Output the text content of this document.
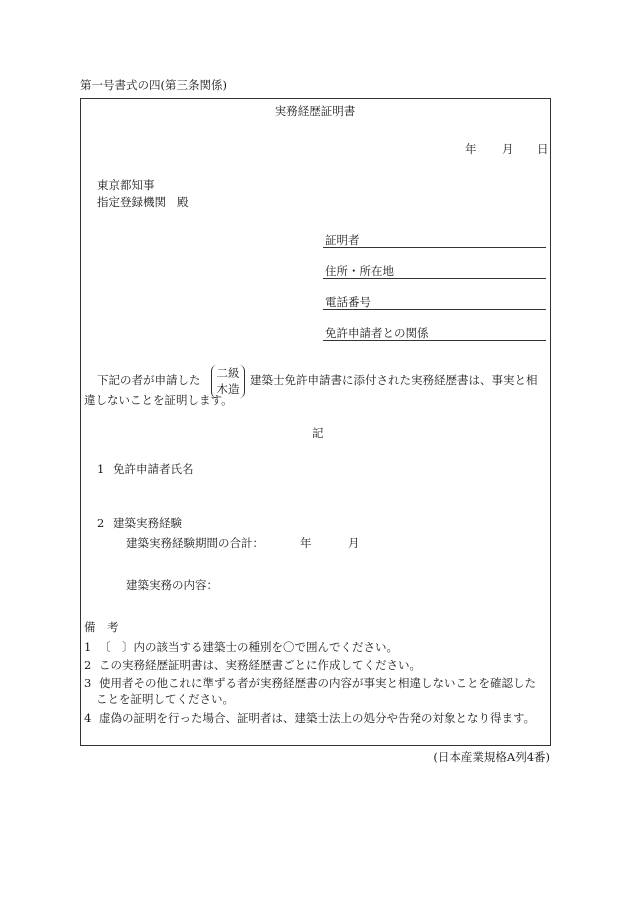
第一号書式の四(第三条関係)
実務経歴証明書
年 月 日
東京都知事
指定登録機関 殿
証明者
住所・所在地
電話番号
免許申請者との関係
下記の者が申請した	二級
木造
建築士免許申請書に添付された実務経歴書は、事実と相
違しないことを証明します。
記
1 免許申請者氏名
2 建築実務経験
建築実務経験期間の合計：	年	月
建築実務の内容：
備　考
1 〔　〕内の該当する建築士の種別を〇で囲んでください。
2 この実務経歴証明書は、実務経歴書ごとに作成してください。
3 使用者その他これに準ずる者が実務経歴書の内容が事実と相違しないことを確認した
ことを証明してください。
4 虚偽の証明を行った場合、証明者は、建築士法上の処分や告発の対象となり得ます。
(日本産業規格A列4番)
